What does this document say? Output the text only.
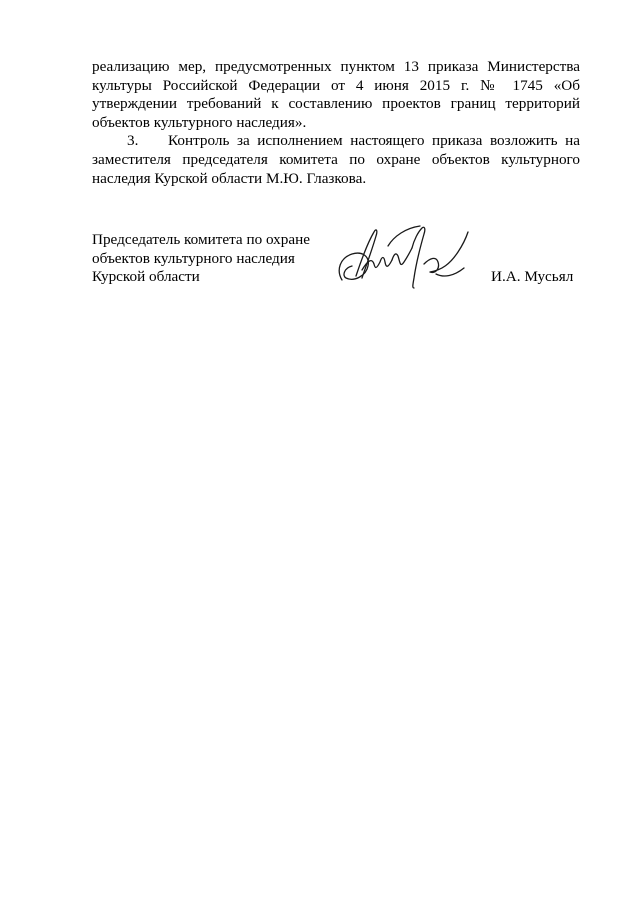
реализацию мер, предусмотренных пунктом 13 приказа Министерства
культуры Российской Федерации от 4 июня 2015 г. № 1745 «Об
утверждении требований к составлению проектов границ территорий
объектов культурного наследия».
3.	Контроль за исполнением настоящего приказа возложить на
заместителя председателя комитета по охране объектов культурного
наследия Курской области М.Ю. Глазкова.
Председатель комитета по охране
объектов культурного наследия
Курской области	И.А. Мусьял
